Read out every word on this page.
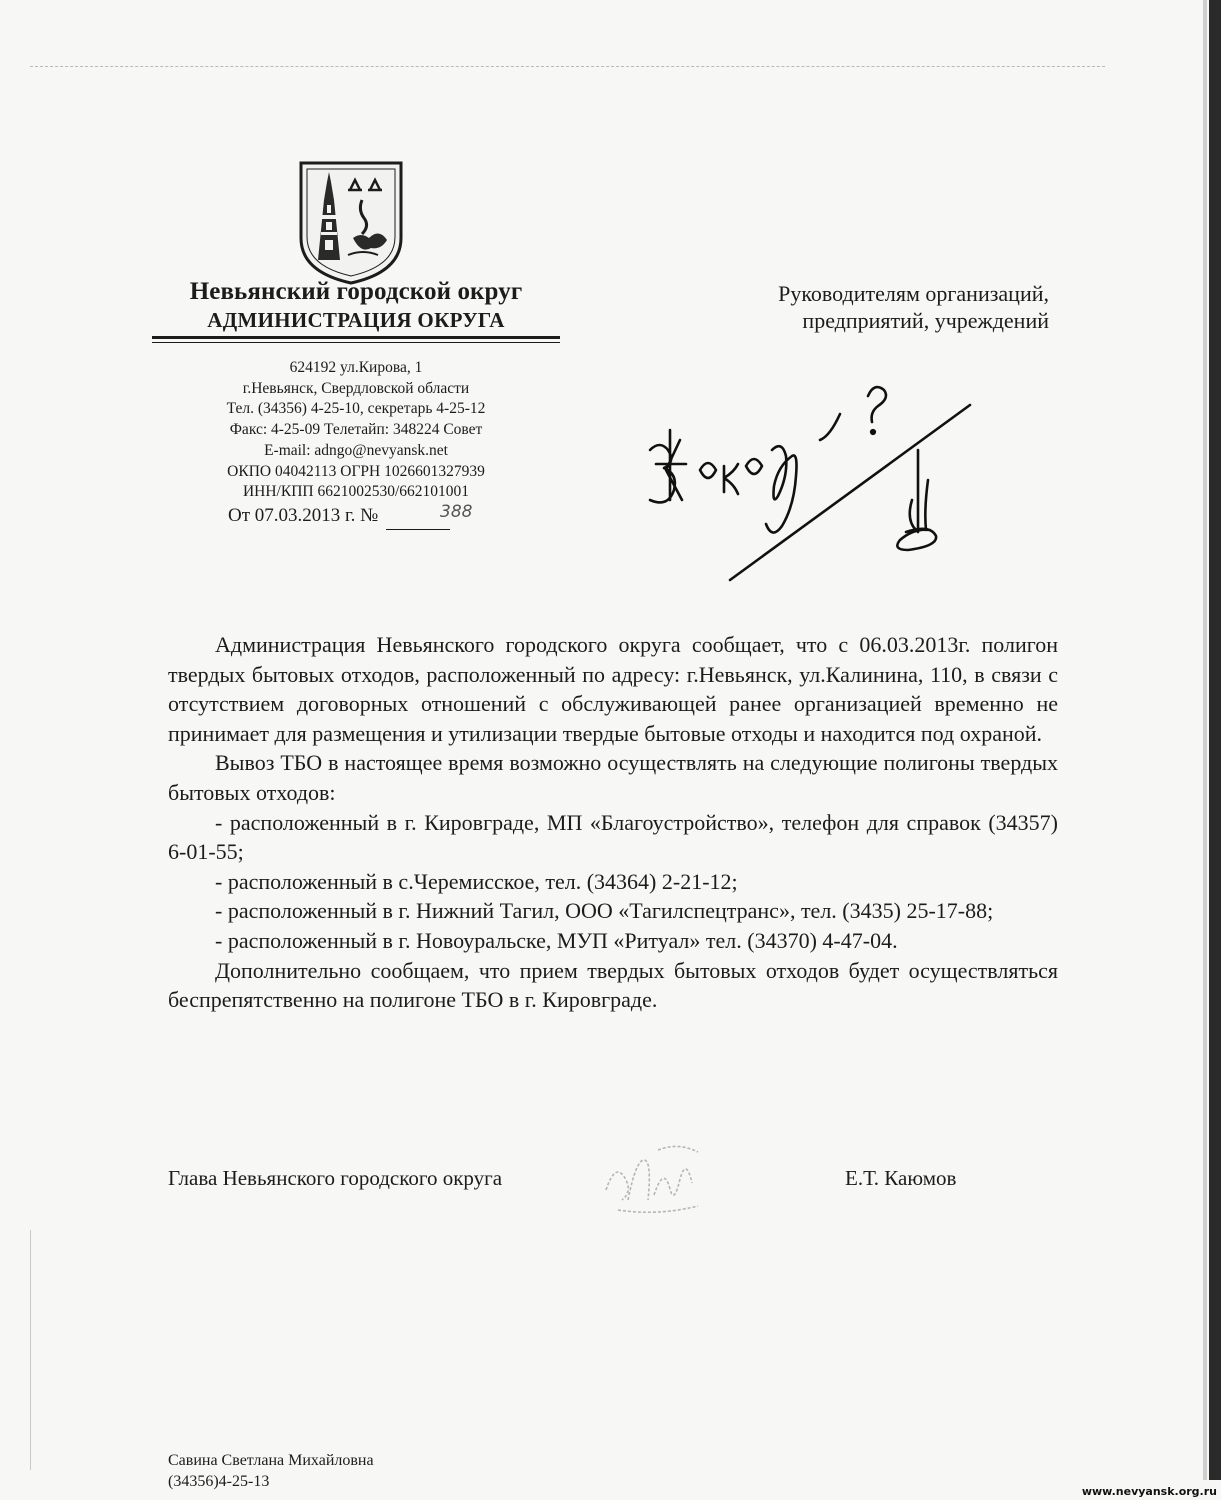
Невьянский городской округ
АДМИНИСТРАЦИЯ ОКРУГА
624192 ул.Кирова, 1
г.Невьянск, Свердловской области
Тел. (34356) 4-25-10, секретарь 4-25-12
Факс: 4-25-09 Телетайп: 348224 Совет
E-mail: adngo@nevyansk.net
ОКПО 04042113 ОГРН 1026601327939
ИНН/КПП 6621002530/662101001
От 07.03.2013 г. №	388
Руководителям организаций,
предприятий, учреждений

Администрация Невьянского городского округа сообщает, что с 06.03.2013г. полигон твердых бытовых отходов, расположенный по адресу: г.Невьянск, ул.Калинина, 110, в связи с отсутствием договорных отношений с обслуживающей ранее организацией временно не принимает для размещения и утилизации твердые бытовые отходы и находится под охраной.

Вывоз ТБО в настоящее время возможно осуществлять на следующие полигоны твердых бытовых отходов:

- расположенный в г. Кировграде, МП «Благоустройство», телефон для справок (34357) 6-01-55;

- расположенный в с.Черемисское, тел. (34364) 2-21-12;

- расположенный в г. Нижний Тагил, ООО «Тагилспецтранс», тел. (3435) 25-17-88;

- расположенный в г. Новоуральске, МУП «Ритуал» тел. (34370) 4-47-04.

Дополнительно сообщаем, что прием твердых бытовых отходов будет осуществляться беспрепятственно на полигоне ТБО в г. Кировграде.

Глава Невьянского городского округа	Е.Т. Каюмов
Савина Светлана Михайловна
(34356)4-25-13
www.nevyansk.org.ru
